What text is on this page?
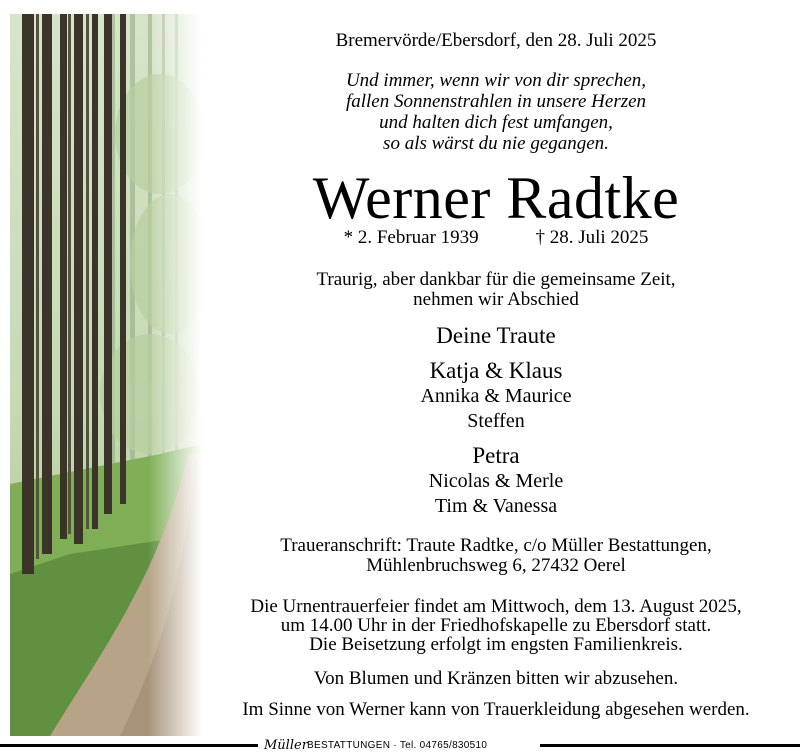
Bremervörde/Ebersdorf, den 28. Juli 2025
Und immer, wenn wir von dir sprechen,
fallen Sonnenstrahlen in unsere Herzen
und halten dich fest umfangen,
so als wärst du nie gegangen.
Werner Radtke
* 2. Februar 1939	† 28. Juli 2025
Traurig, aber dankbar für die gemeinsame Zeit,
nehmen wir Abschied
Deine Traute
Katja & Klaus
Annika & Maurice
Steffen
Petra
Nicolas & Merle
Tim & Vanessa
Traueranschrift: Traute Radtke, c/o Müller Bestattungen,
Mühlenbruchsweg 6, 27432 Oerel
Die Urnentrauerfeier findet am Mittwoch, dem 13. August 2025,
um 14.00 Uhr in der Friedhofskapelle zu Ebersdorf statt.
Die Beisetzung erfolgt im engsten Familienkreis.
Von Blumen und Kränzen bitten wir abzusehen.
Im Sinne von Werner kann von Trauerkleidung abgesehen werden.
Müller BESTATTUNGEN · Tel. 04765/830510
